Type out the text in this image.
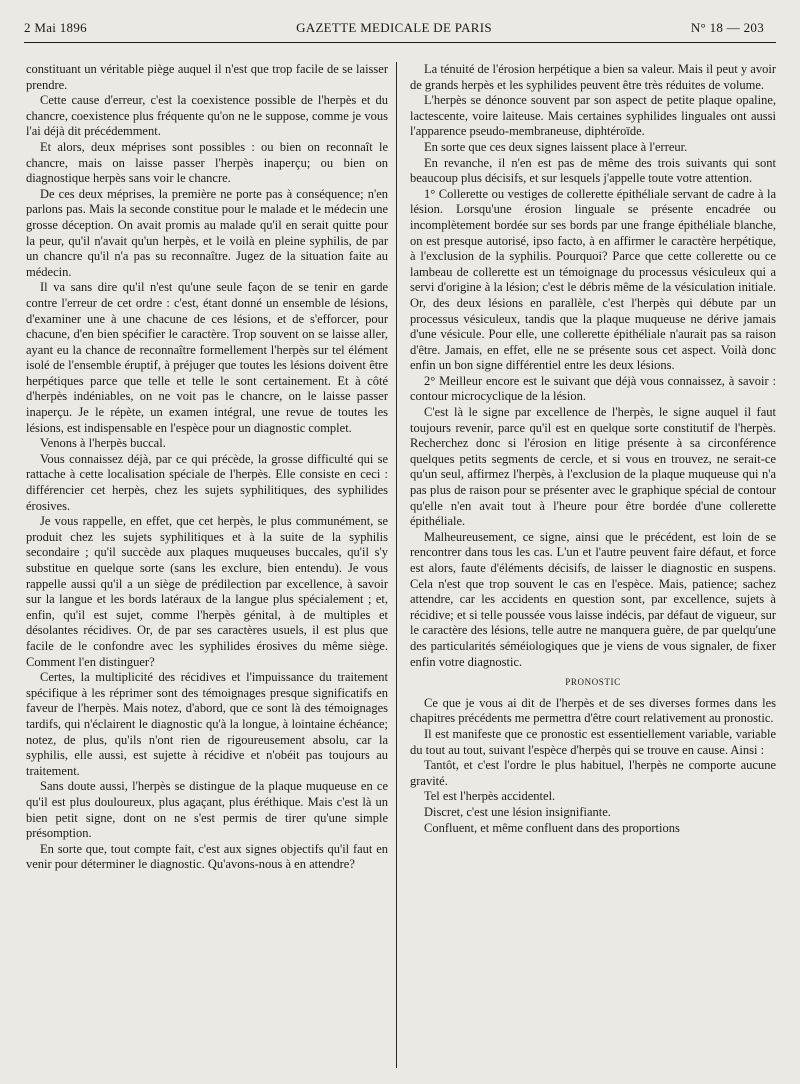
2 Mai 1896	GAZETTE MEDICALE DE PARIS	N° 18 — 203

constituant un véritable piège auquel il n'est que trop facile de se laisser prendre.

Cette cause d'erreur, c'est la coexistence possible de l'herpès et du chancre, coexistence plus fréquente qu'on ne le suppose, comme je vous l'ai déjà dit précédemment.

Et alors, deux méprises sont possibles : ou bien on reconnaît le chancre, mais on laisse passer l'herpès inaperçu; ou bien on diagnostique herpès sans voir le chancre.

De ces deux méprises, la première ne porte pas à conséquence; n'en parlons pas. Mais la seconde constitue pour le malade et le médecin une grosse déception. On avait promis au malade qu'il en serait quitte pour la peur, qu'il n'avait qu'un herpès, et le voilà en pleine syphilis, de par un chancre qu'il n'a pas su reconnaître. Jugez de la situation faite au médecin.

Il va sans dire qu'il n'est qu'une seule façon de se tenir en garde contre l'erreur de cet ordre : c'est, étant donné un ensemble de lésions, d'examiner une à une chacune de ces lésions, et de s'efforcer, pour chacune, d'en bien spécifier le caractère. Trop souvent on se laisse aller, ayant eu la chance de reconnaître formellement l'herpès sur tel élément isolé de l'ensemble éruptif, à préjuger que toutes les lésions doivent être herpétiques parce que telle et telle le sont certainement. Et à côté d'herpès indéniables, on ne voit pas le chancre, on le laisse passer inaperçu. Je le répète, un examen intégral, une revue de toutes les lésions, est indispensable en l'espèce pour un diagnostic complet.

Venons à l'herpès buccal.

Vous connaissez déjà, par ce qui précède, la grosse difficulté qui se rattache à cette localisation spéciale de l'herpès. Elle consiste en ceci : différencier cet herpès, chez les sujets syphilitiques, des syphilides érosives.

Je vous rappelle, en effet, que cet herpès, le plus communément, se produit chez les sujets syphilitiques et à la suite de la syphilis secondaire ; qu'il succède aux plaques muqueuses buccales, qu'il s'y substitue en quelque sorte (sans les exclure, bien entendu). Je vous rappelle aussi qu'il a un siège de prédilection par excellence, à savoir sur la langue et les bords latéraux de la langue plus spécialement ; et, enfin, qu'il est sujet, comme l'herpès génital, à de multiples et désolantes récidives. Or, de par ses caractères usuels, il est plus que facile de le confondre avec les syphilides érosives du même siège. Comment l'en distinguer?

Certes, la multiplicité des récidives et l'impuissance du traitement spécifique à les réprimer sont des témoignages presque significatifs en faveur de l'herpès. Mais notez, d'abord, que ce sont là des témoignages tardifs, qui n'éclairent le diagnostic qu'à la longue, à lointaine échéance; notez, de plus, qu'ils n'ont rien de rigoureusement absolu, car la syphilis, elle aussi, est sujette à récidive et n'obéit pas toujours au traitement.

Sans doute aussi, l'herpès se distingue de la plaque muqueuse en ce qu'il est plus douloureux, plus agaçant, plus éréthique. Mais c'est là un bien petit signe, dont on ne s'est permis de tirer qu'une simple présomption.

En sorte que, tout compte fait, c'est aux signes objectifs qu'il faut en venir pour déterminer le diagnostic. Qu'avons-nous à en attendre?

La ténuité de l'érosion herpétique a bien sa valeur. Mais il peut y avoir de grands herpès et les syphilides peuvent être très réduites de volume.

L'herpès se dénonce souvent par son aspect de petite plaque opaline, lactescente, voire laiteuse. Mais certaines syphilides linguales ont aussi l'apparence pseudo-membraneuse, diphtéroïde.

En sorte que ces deux signes laissent place à l'erreur.

En revanche, il n'en est pas de même des trois suivants qui sont beaucoup plus décisifs, et sur lesquels j'appelle toute votre attention.

1° Collerette ou vestiges de collerette épithéliale servant de cadre à la lésion. Lorsqu'une érosion linguale se présente encadrée ou incomplètement bordée sur ses bords par une frange épithéliale blanche, on est presque autorisé, ipso facto, à en affirmer le caractère herpétique, à l'exclusion de la syphilis. Pourquoi? Parce que cette collerette ou ce lambeau de collerette est un témoignage du processus vésiculeux qui a servi d'origine à la lésion; c'est le débris même de la vésiculation initiale. Or, des deux lésions en parallèle, c'est l'herpès qui débute par un processus vésiculeux, tandis que la plaque muqueuse ne dérive jamais d'une vésicule. Pour elle, une collerette épithéliale n'aurait pas sa raison d'être. Jamais, en effet, elle ne se présente sous cet aspect. Voilà donc enfin un bon signe différentiel entre les deux lésions.

2° Meilleur encore est le suivant que déjà vous connaissez, à savoir : contour microcyclique de la lésion.

C'est là le signe par excellence de l'herpès, le signe auquel il faut toujours revenir, parce qu'il est en quelque sorte constitutif de l'herpès. Recherchez donc si l'érosion en litige présente à sa circonférence quelques petits segments de cercle, et si vous en trouvez, ne serait-ce qu'un seul, affirmez l'herpès, à l'exclusion de la plaque muqueuse qui n'a pas plus de raison pour se présenter avec le graphique spécial de contour qu'elle n'en avait tout à l'heure pour être bordée d'une collerette épithéliale.

Malheureusement, ce signe, ainsi que le précédent, est loin de se rencontrer dans tous les cas. L'un et l'autre peuvent faire défaut, et force est alors, faute d'éléments décisifs, de laisser le diagnostic en suspens. Cela n'est que trop souvent le cas en l'espèce. Mais, patience; sachez attendre, car les accidents en question sont, par excellence, sujets à récidive; et si telle poussée vous laisse indécis, par défaut de vigueur, sur le caractère des lésions, telle autre ne manquera guère, de par quelqu'une des particularités séméiologiques que je viens de vous signaler, de fixer enfin votre diagnostic.

PRONOSTIC

Ce que je vous ai dit de l'herpès et de ses diverses formes dans les chapitres précédents me permettra d'être court relativement au pronostic.

Il est manifeste que ce pronostic est essentiellement variable, variable du tout au tout, suivant l'espèce d'herpès qui se trouve en cause. Ainsi :

Tantôt, et c'est l'ordre le plus habituel, l'herpès ne comporte aucune gravité.

Tel est l'herpès accidentel.

Discret, c'est une lésion insignifiante.

Confluent, et même confluent dans des proportions
